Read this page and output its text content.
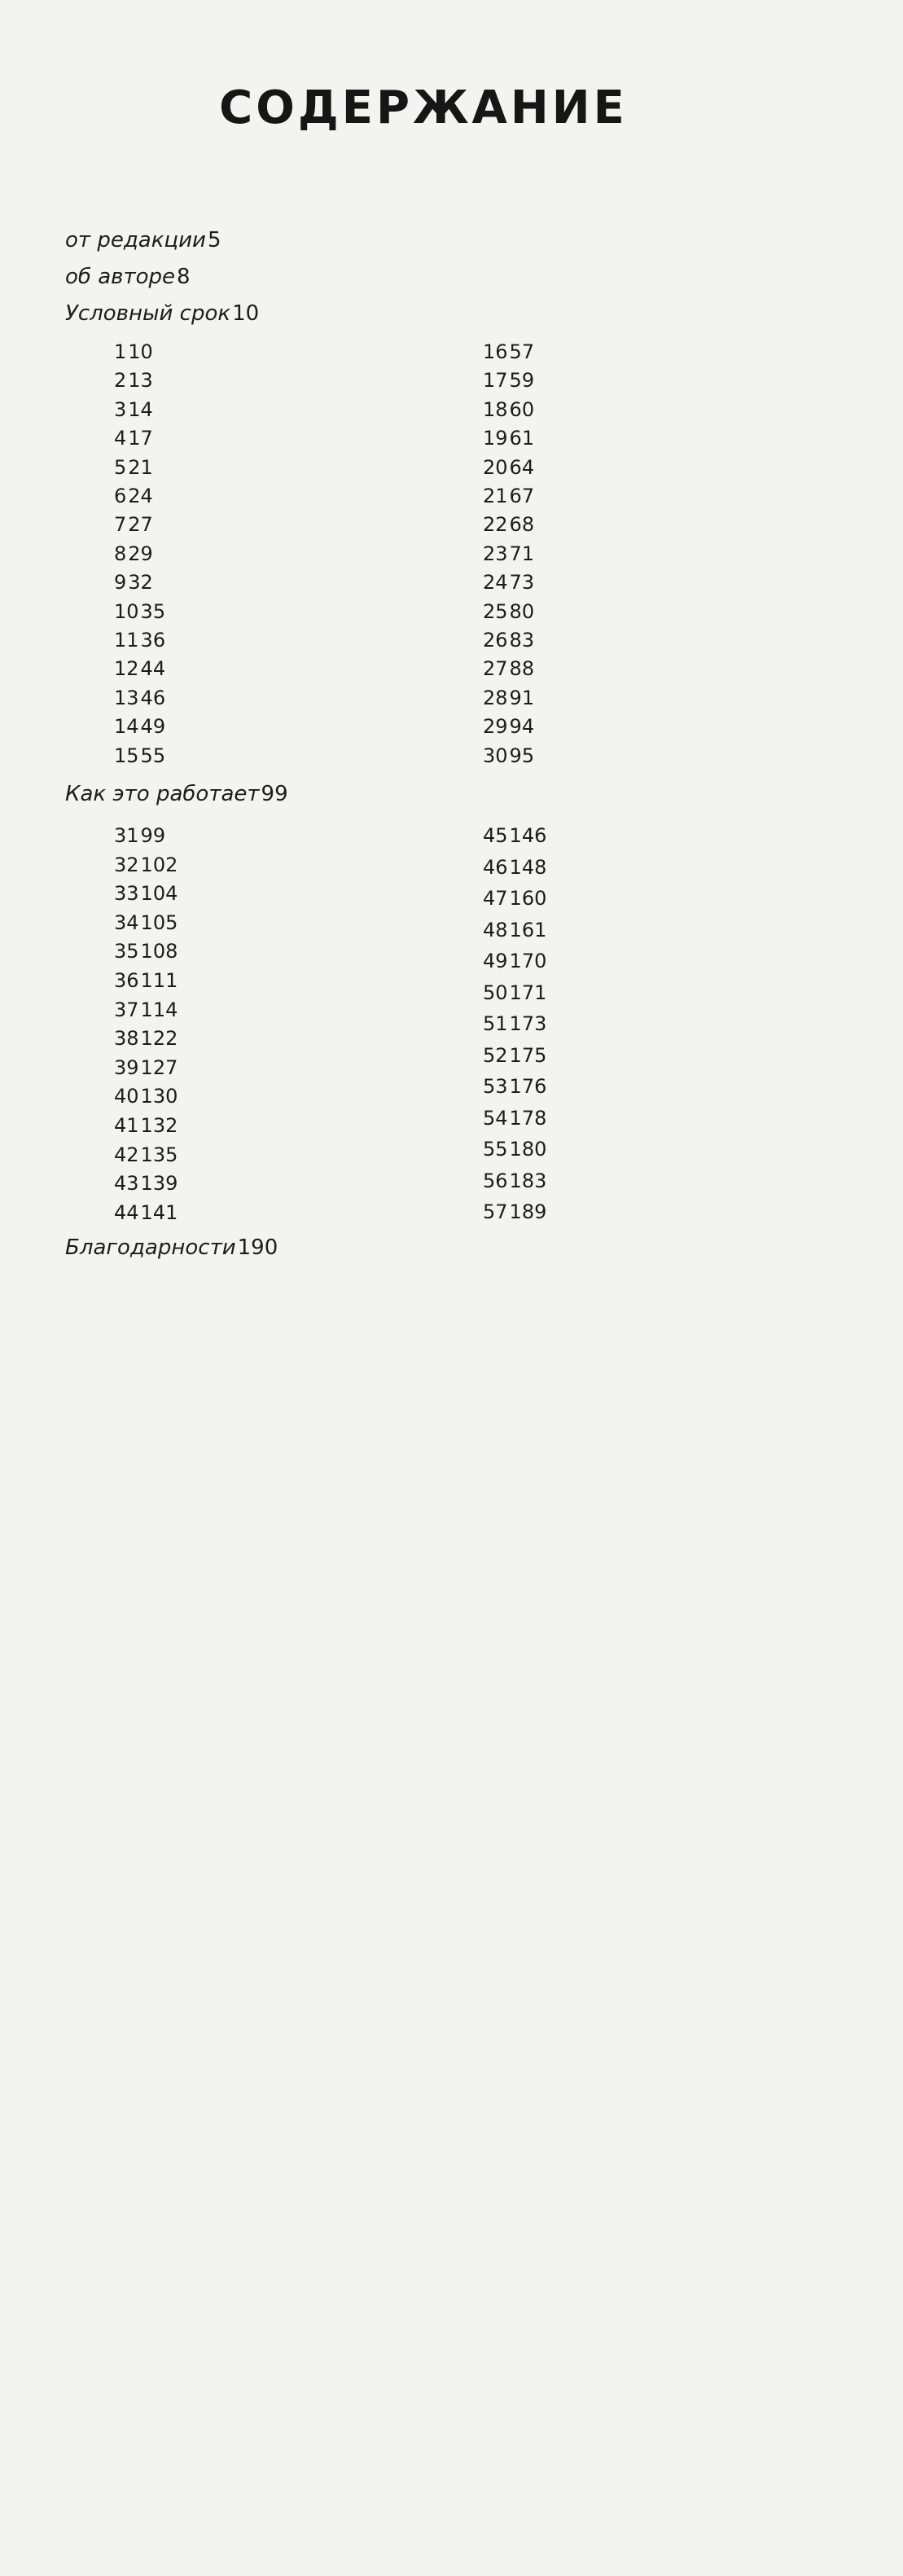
СОДЕРЖАНИЕ
от редакции 5
об авторе 8
Условный срок 10
1 10
2 13
3 14
4 17
5 21
6 24
7 27
8 29
9 32
10 35
11 36
12 44
13 46
14 49
15 55
16 57
17 59
18 60
19 61
20 64
21 67
22 68
23 71
24 73
25 80
26 83
27 88
28 91
29 94
30 95
Как это работает 99
31 99
32 102
33 104
34 105
35 108
36 111
37 114
38 122
39 127
40 130
41 132
42 135
43 139
44 141
45 146
46 148
47 160
48 161
49 170
50 171
51 173
52 175
53 176
54 178
55 180
56 183
57 189
Благодарности 190
